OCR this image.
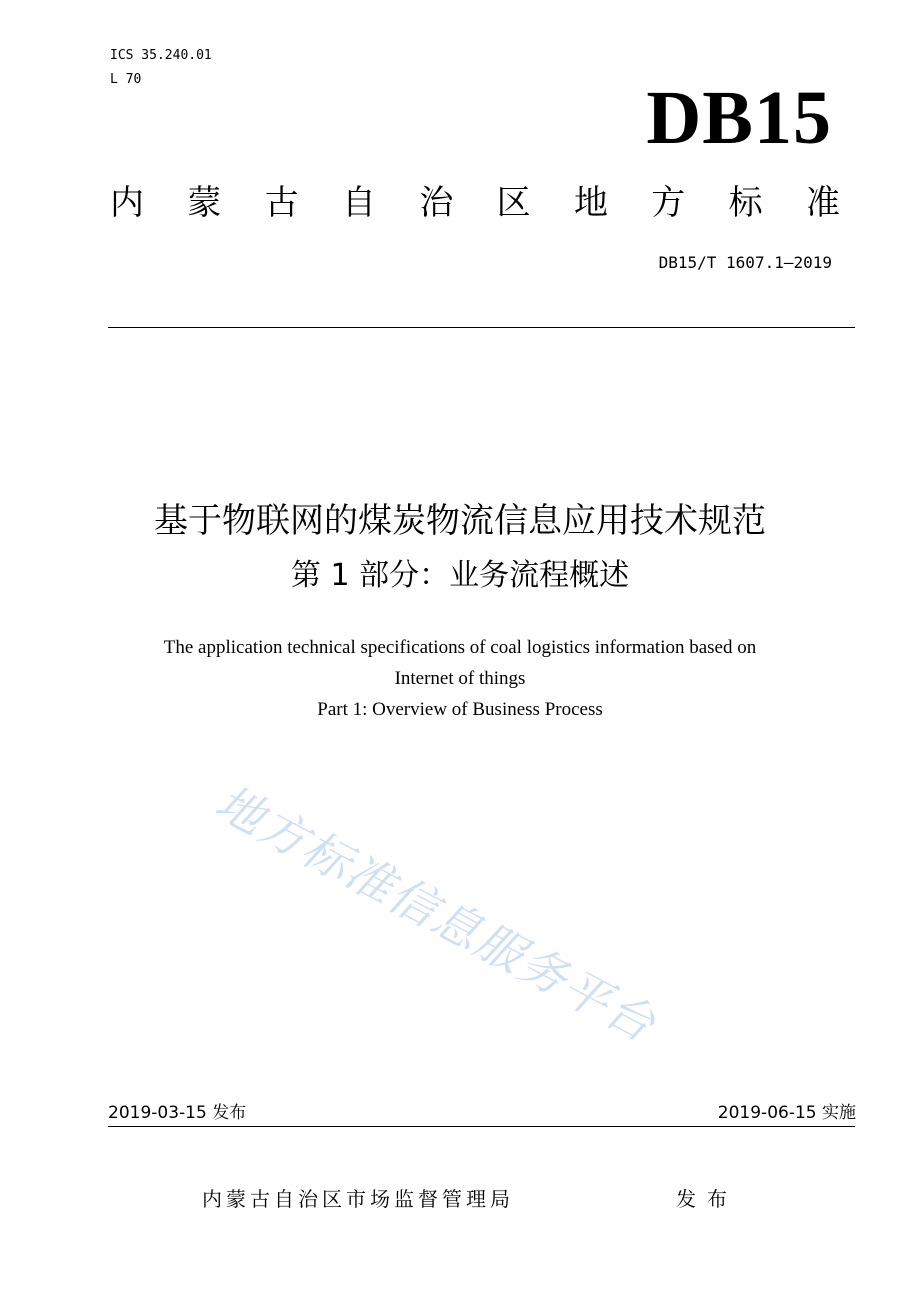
ICS 35.240.01
L 70	DB15
内 蒙 古 自 治 区 地 方 标 准
DB15/T 1607.1—2019
基于物联网的煤炭物流信息应用技术规范
第 1 部分：业务流程概述
The application technical specifications of coal logistics information based on
Internet of things
Part 1: Overview of Business Process
地方标准信息服务平台
2019-03-15 发布	2019-06-15 实施
内蒙古自治区市场监督管理局	发布
